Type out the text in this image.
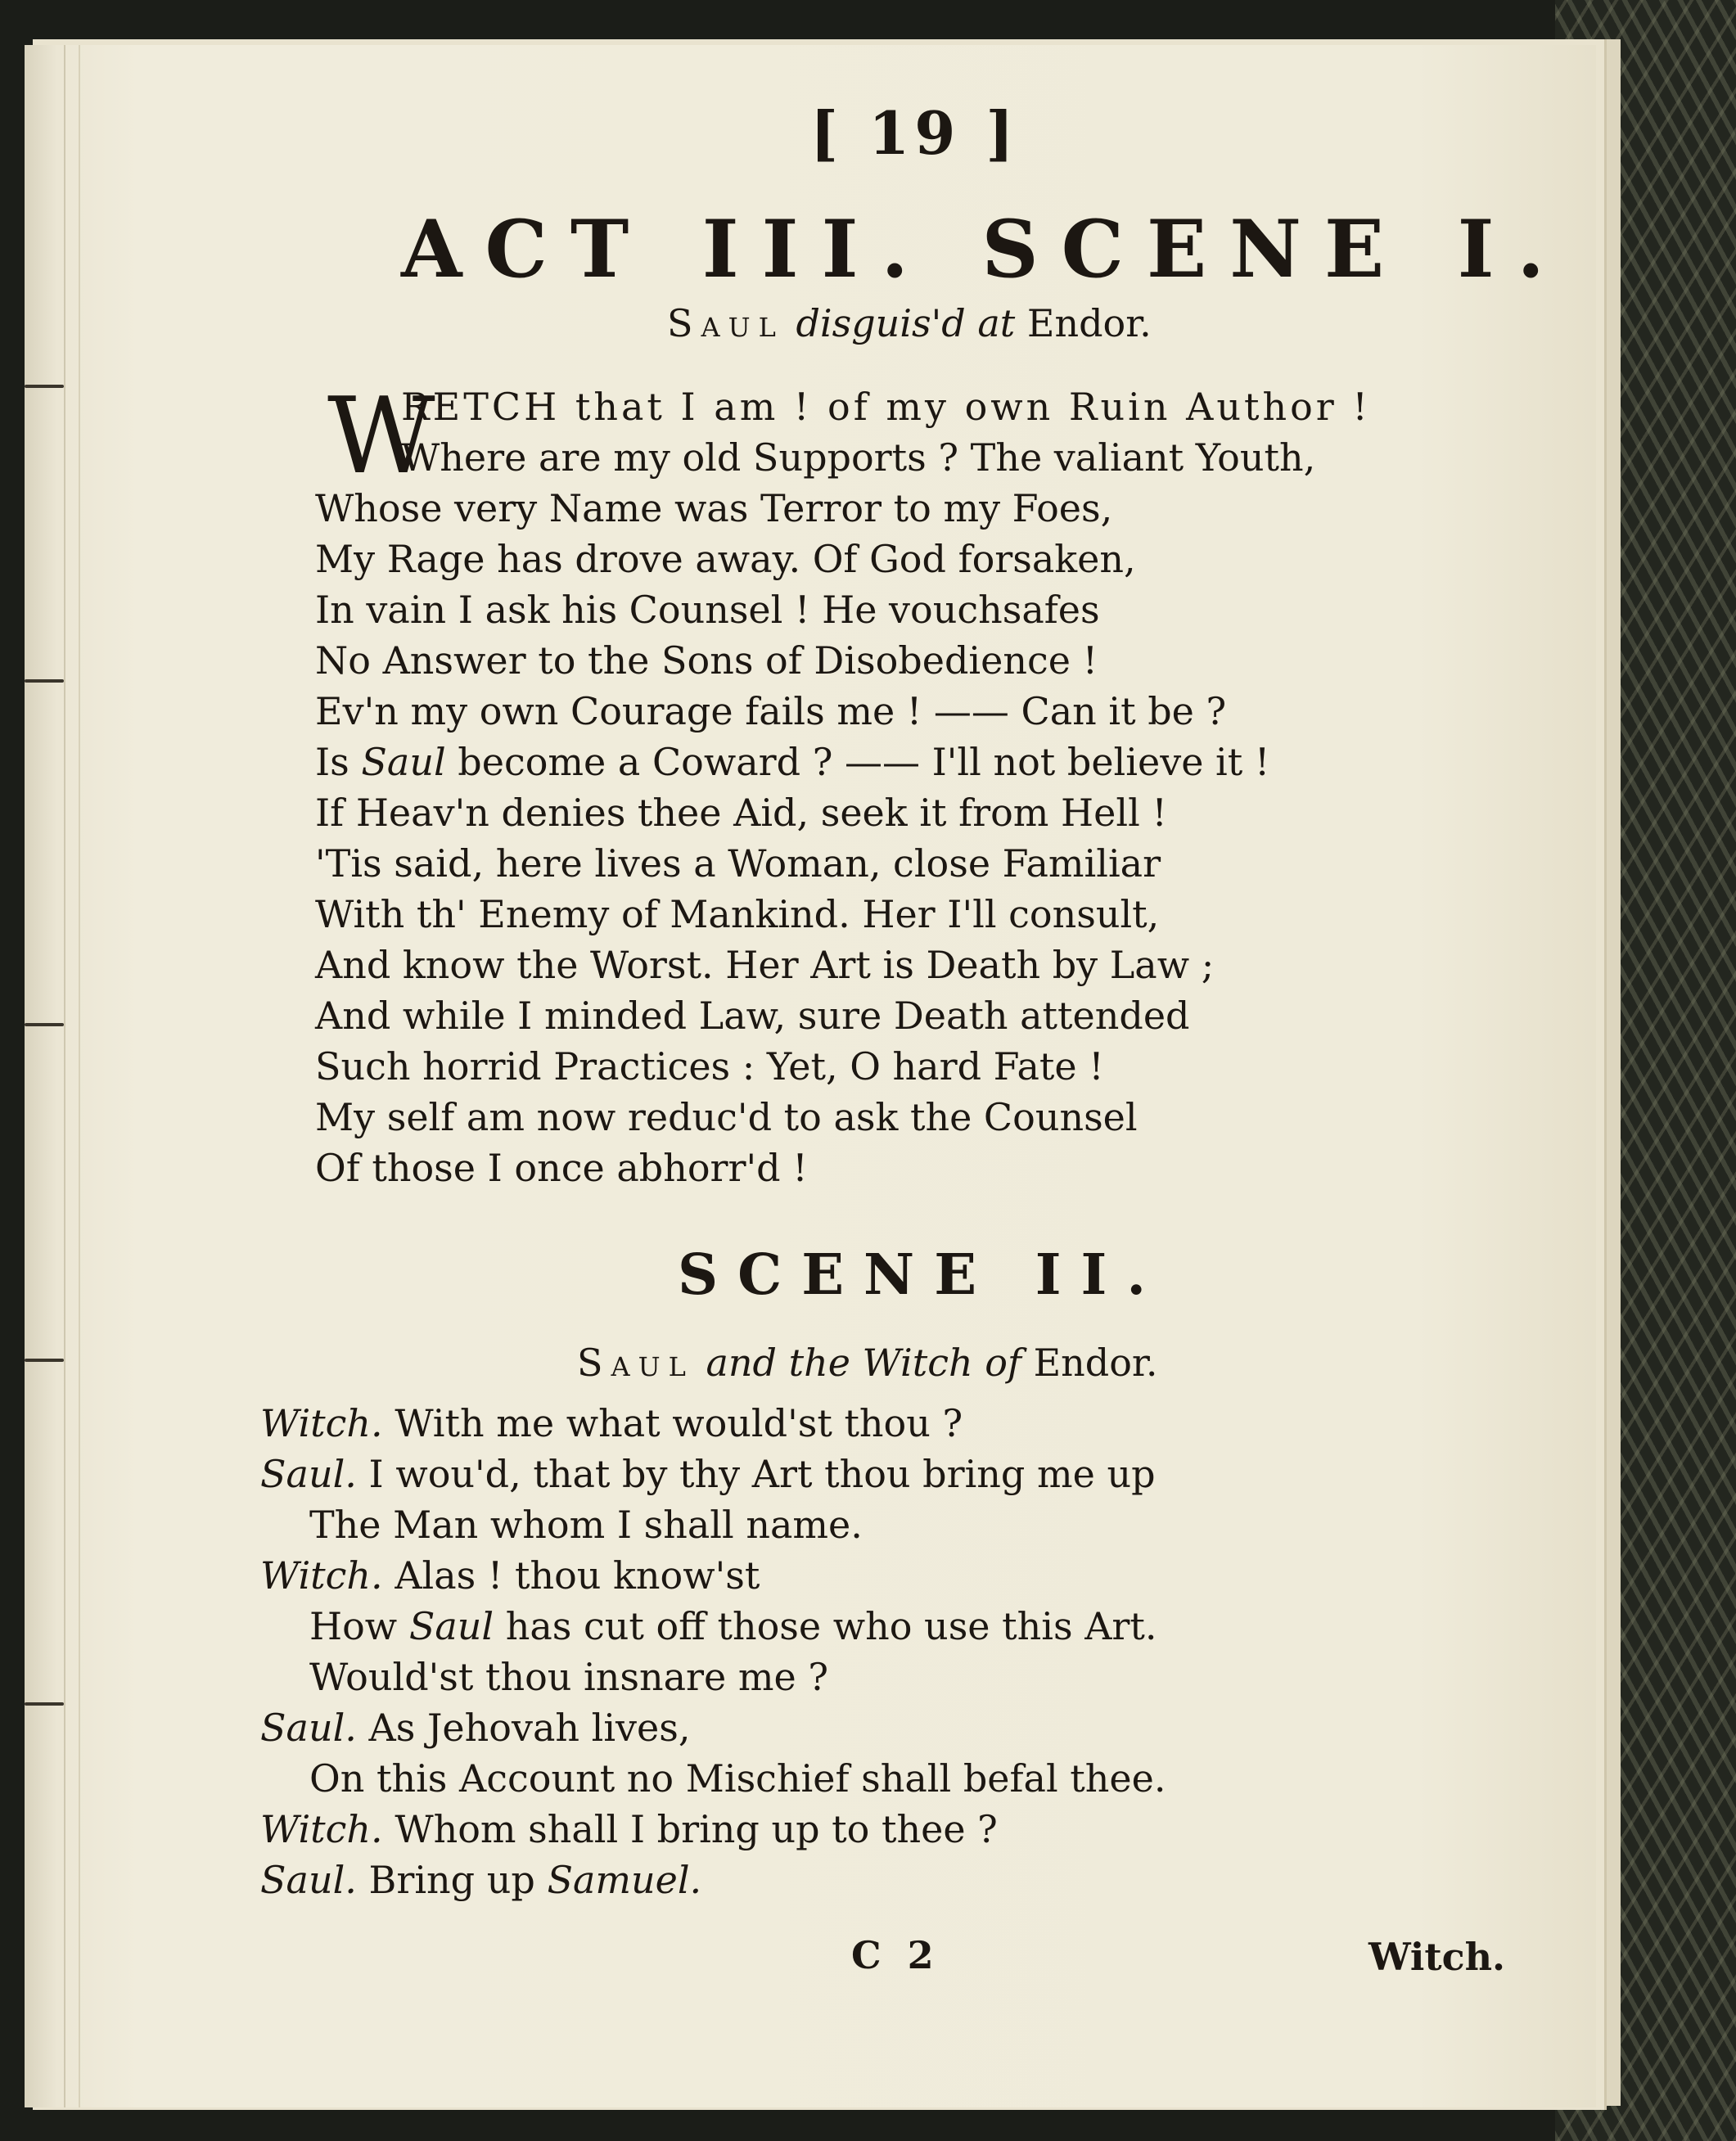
[ 19 ]
ACT III. SCENE I.
Saul disguis'd at Endor.
W
RETCH that I am ! of my own Ruin Author !
Where are my old Supports ? The valiant Youth,
Whose very Name was Terror to my Foes,
My Rage has drove away. Of God forsaken,
In vain I ask his Counsel ! He vouchsafes
No Answer to the Sons of Disobedience !
Ev'n my own Courage fails me ! —— Can it be ?
Is Saul become a Coward ? —— I'll not believe it !
If Heav'n denies thee Aid, seek it from Hell !
'Tis said, here lives a Woman, close Familiar
With th' Enemy of Mankind. Her I'll consult,
And know the Worst. Her Art is Death by Law ;
And while I minded Law, sure Death attended
Such horrid Practices : Yet, O hard Fate !
My self am now reduc'd to ask the Counsel
Of those I once abhorr'd !
SCENE II.
Saul and the Witch of Endor.
Witch. With me what would'st thou ?
Saul. I wou'd, that by thy Art thou bring me up
The Man whom I shall name.
Witch. Alas ! thou know'st
How Saul has cut off those who use this Art.
Would'st thou insnare me ?
Saul. As Jehovah lives,
On this Account no Mischief shall befal thee.
Witch. Whom shall I bring up to thee ?
Saul. Bring up Samuel.
C 2	Witch.
